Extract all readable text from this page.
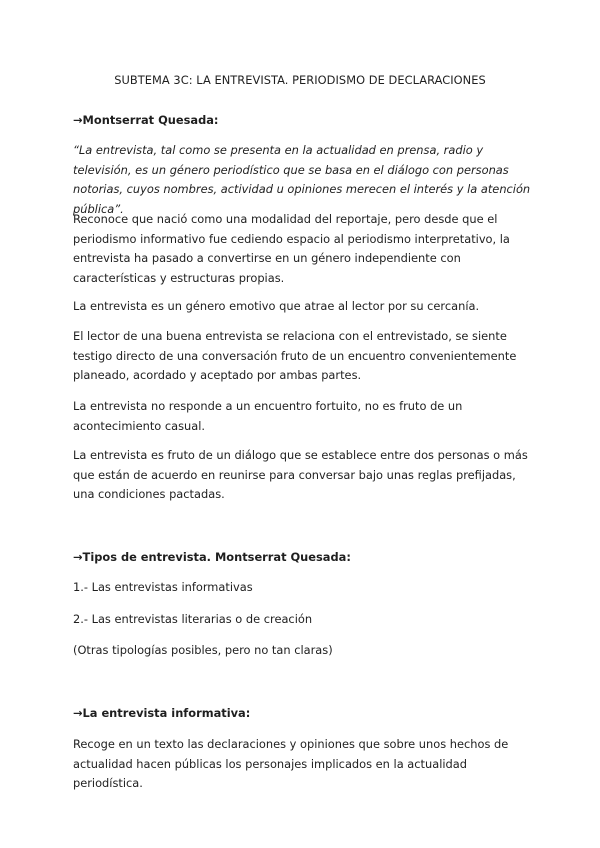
SUBTEMA 3C: LA ENTREVISTA. PERIODISMO DE DECLARACIONES
→Montserrat Quesada:

“La entrevista, tal como se presenta en la actualidad en prensa, radio y televisión, es un género periodístico que se basa en el diálogo con personas notorias, cuyos nombres, actividad u opiniones merecen el interés y la atención pública”.

Reconoce que nació como una modalidad del reportaje, pero desde que el periodismo informativo fue cediendo espacio al periodismo interpretativo, la entrevista ha pasado a convertirse en un género independiente con características y estructuras propias.

La entrevista es un género emotivo que atrae al lector por su cercanía.

El lector de una buena entrevista se relaciona con el entrevistado, se siente testigo directo de una conversación fruto de un encuentro convenientemente planeado, acordado y aceptado por ambas partes.

La entrevista no responde a un encuentro fortuito, no es fruto de un acontecimiento casual.

La entrevista es fruto de un diálogo que se establece entre dos personas o más que están de acuerdo en reunirse para conversar bajo unas reglas prefijadas, una condiciones pactadas.

→Tipos de entrevista. Montserrat Quesada:
1.- Las entrevistas informativas
2.- Las entrevistas literarias o de creación
(Otras tipologías posibles, pero no tan claras)
→La entrevista informativa:

Recoge en un texto las declaraciones y opiniones que sobre unos hechos de actualidad hacen públicas los personajes implicados en la actualidad periodística.
